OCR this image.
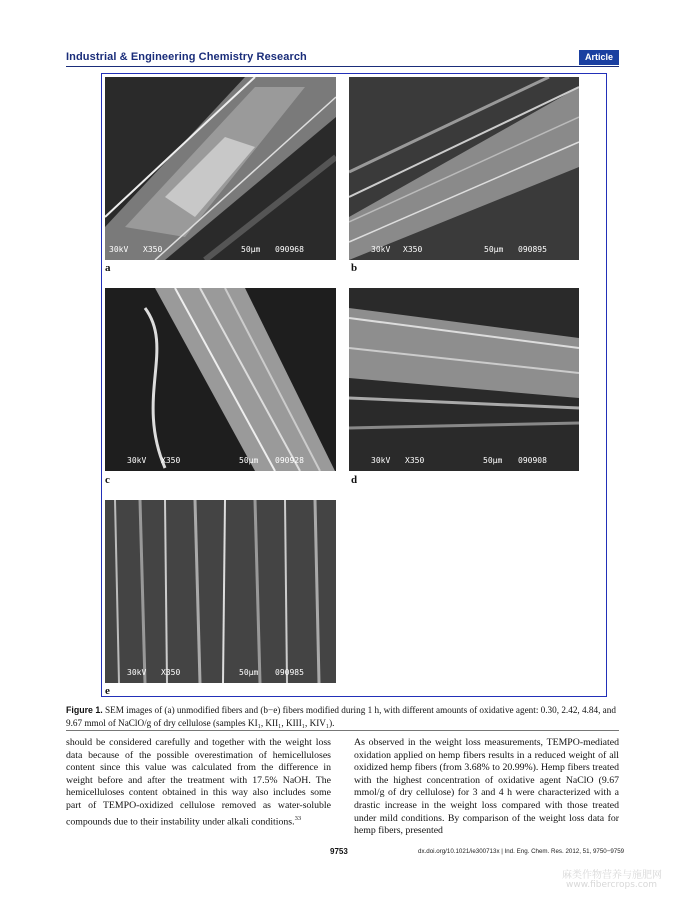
Industrial & Engineering Chemistry Research	Article
30kV X350	50μm 090968
a
30kV X350	50μm 090895
b
30kV X350	50μm 090928
c
30kV X350	50μm 090908
d
30kV X350	50μm 090985
e
Figure 1. SEM images of (a) unmodified fibers and (b−e) fibers modified during 1 h, with different amounts of oxidative agent: 0.30, 2.42, 4.84, and 9.67 mmol of NaClO/g of dry cellulose (samples KI₁, KII₁, KIII₁, KIV₁).
should be considered carefully and together with the weight loss data because of the possible overestimation of hemicelluloses content since this value was calculated from the difference in weight before and after the treatment with 17.5% NaOH. The hemicelluloses content obtained in this way also includes some part of TEMPO-oxidized cellulose removed as water-soluble compounds due to their instability under alkali conditions.$^{33}$
As observed in the weight loss measurements, TEMPO-mediated oxidation applied on hemp fibers results in a reduced weight of all oxidized hemp fibers (from 3.68% to 20.99%). Hemp fibers treated with the highest concentration of oxidative agent NaClO (9.67 mmol/g of dry cellulose) for 3 and 4 h were characterized with a drastic increase in the weight loss compared with those treated under mild conditions. By comparison of the weight loss data for hemp fibers, presented
9753	dx.doi.org/10.1021/ie300713x | Ind. Eng. Chem. Res. 2012, 51, 9750−9759
麻类作物营养与施肥网
www.fibercrops.com
